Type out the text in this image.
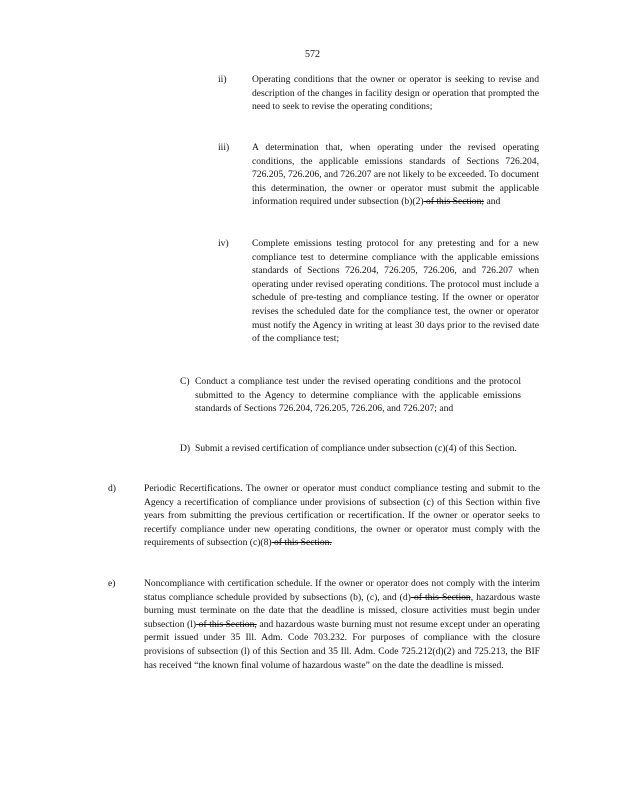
572
ii)	Operating conditions that the owner or operator is seeking to revise and description of the changes in facility design or operation that prompted the need to seek to revise the operating conditions;
iii) A determination that, when operating under the revised operating conditions, the applicable emissions standards of Sections 726.204, 726.205, 726.206, and 726.207 are not likely to be exceeded. To document this determination, the owner or operator must submit the applicable information required under subsection (b)(2) of this Section; and
iv) Complete emissions testing protocol for any pretesting and for a new compliance test to determine compliance with the applicable emissions standards of Sections 726.204, 726.205, 726.206, and 726.207 when operating under revised operating conditions. The protocol must include a schedule of pre-testing and compliance testing. If the owner or operator revises the scheduled date for the compliance test, the owner or operator must notify the Agency in writing at least 30 days prior to the revised date of the compliance test;
C) Conduct a compliance test under the revised operating conditions and the protocol submitted to the Agency to determine compliance with the applicable emissions standards of Sections 726.204, 726.205, 726.206, and 726.207; and
D) Submit a revised certification of compliance under subsection (c)(4) of this Section.
d)	Periodic Recertifications. The owner or operator must conduct compliance testing and submit to the Agency a recertification of compliance under provisions of subsection (c) of this Section within five years from submitting the previous certification or recertification. If the owner or operator seeks to recertify compliance under new operating conditions, the owner or operator must comply with the requirements of subsection (c)(8) of this Section.
e)	Noncompliance with certification schedule. If the owner or operator does not comply with the interim status compliance schedule provided by subsections (b), (c), and (d) of this Section, hazardous waste burning must terminate on the date that the deadline is missed, closure activities must begin under subsection (l) of this Section, and hazardous waste burning must not resume except under an operating permit issued under 35 Ill. Adm. Code 703.232. For purposes of compliance with the closure provisions of subsection (l) of this Section and 35 Ill. Adm. Code 725.212(d)(2) and 725.213, the BIF has received “the known final volume of hazardous waste” on the date the deadline is missed.
